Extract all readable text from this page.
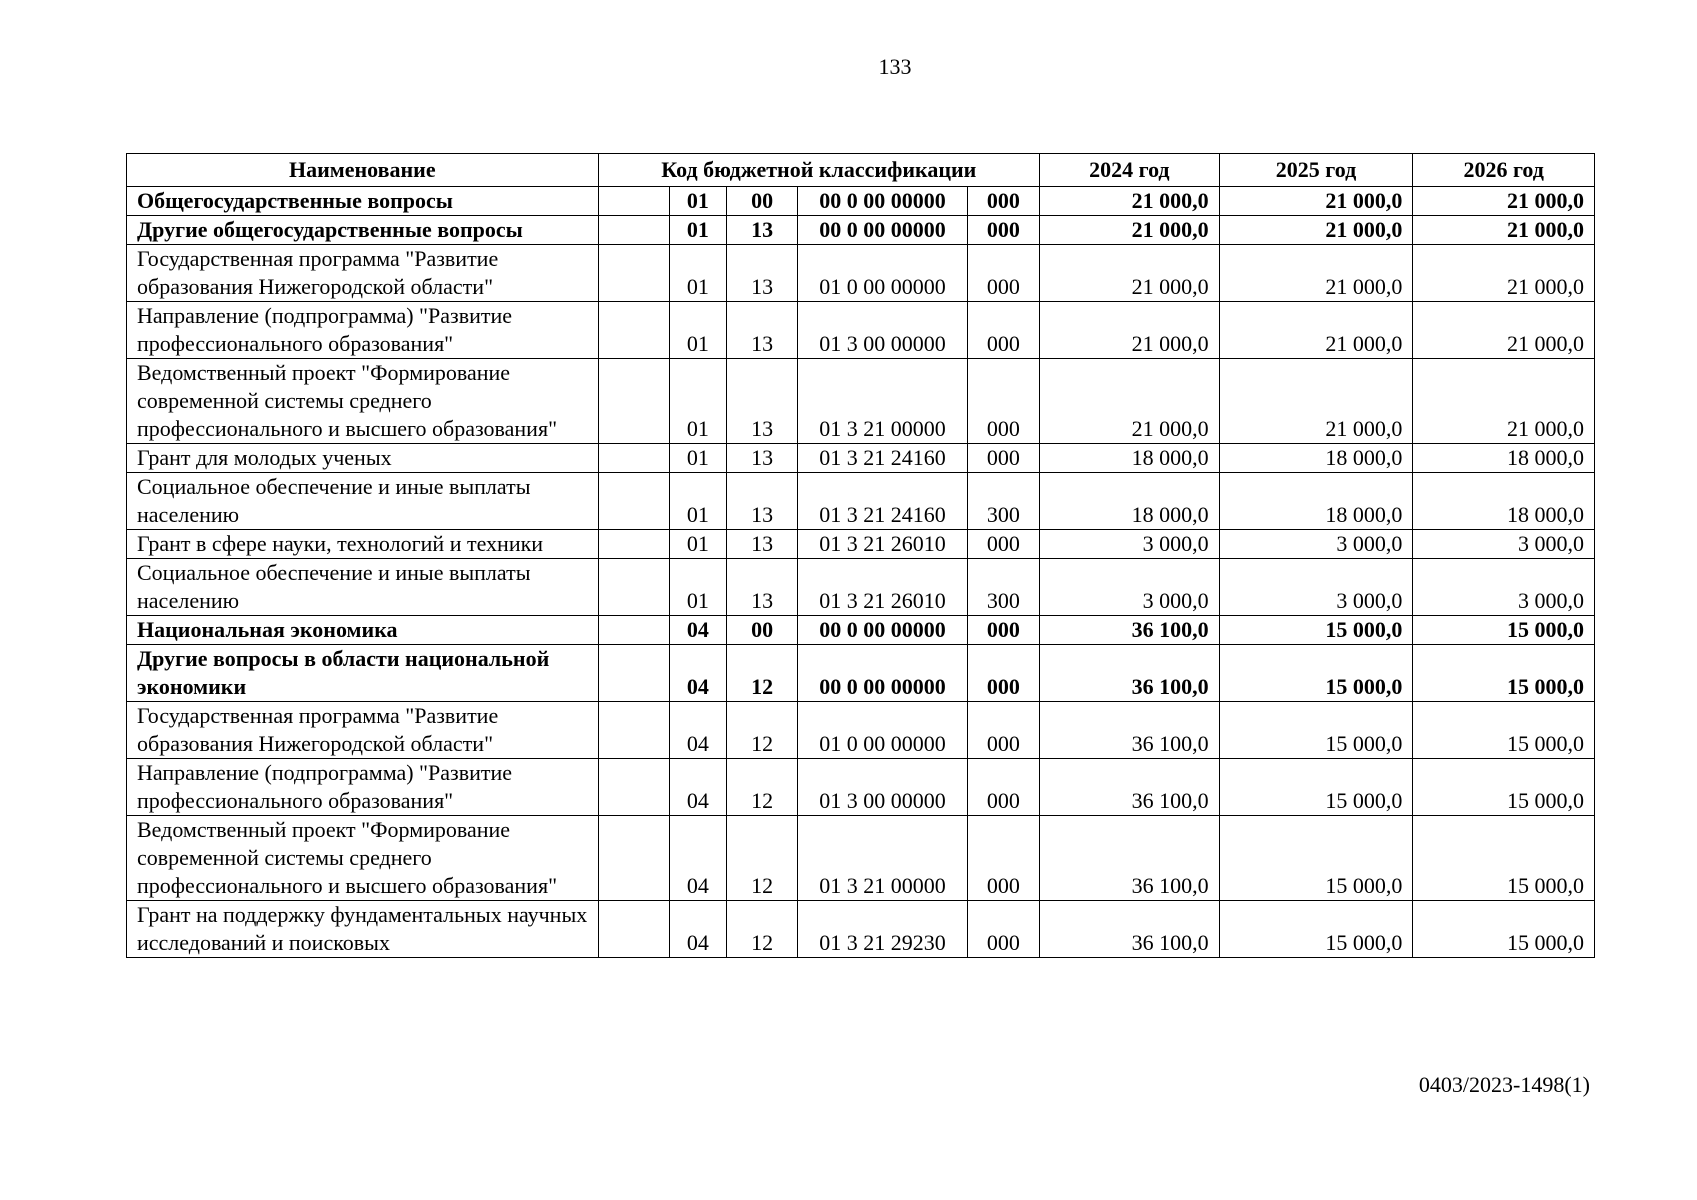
133
Наименование	Код бюджетной классификации					2024 год	2025 год	2026 год
Общегосударственные вопросы		01	00	00 0 00 00000	000	21 000,0	21 000,0	21 000,0
Другие общегосударственные вопросы		01	13	00 0 00 00000	000	21 000,0	21 000,0	21 000,0
Государственная программа "Развитие образования Нижегородской области"		01	13	01 0 00 00000	000	21 000,0	21 000,0	21 000,0
Направление (подпрограмма) "Развитие профессионального образования"		01	13	01 3 00 00000	000	21 000,0	21 000,0	21 000,0
Ведомственный проект "Формирование современной системы среднего профессионального и высшего образования"		01	13	01 3 21 00000	000	21 000,0	21 000,0	21 000,0
Грант для молодых ученых		01	13	01 3 21 24160	000	18 000,0	18 000,0	18 000,0
Социальное обеспечение и иные выплаты населению		01	13	01 3 21 24160	300	18 000,0	18 000,0	18 000,0
Грант в сфере науки, технологий и техники		01	13	01 3 21 26010	000	3 000,0	3 000,0	3 000,0
Социальное обеспечение и иные выплаты населению		01	13	01 3 21 26010	300	3 000,0	3 000,0	3 000,0
Национальная экономика		04	00	00 0 00 00000	000	36 100,0	15 000,0	15 000,0
Другие вопросы в области национальной экономики		04	12	00 0 00 00000	000	36 100,0	15 000,0	15 000,0
Государственная программа "Развитие образования Нижегородской области"		04	12	01 0 00 00000	000	36 100,0	15 000,0	15 000,0
Направление (подпрограмма) "Развитие профессионального образования"		04	12	01 3 00 00000	000	36 100,0	15 000,0	15 000,0
Ведомственный проект "Формирование современной системы среднего профессионального и высшего образования"		04	12	01 3 21 00000	000	36 100,0	15 000,0	15 000,0
Грант на поддержку фундаментальных научных исследований и поисковых		04	12	01 3 21 29230	000	36 100,0	15 000,0	15 000,0
0403/2023-1498(1)
